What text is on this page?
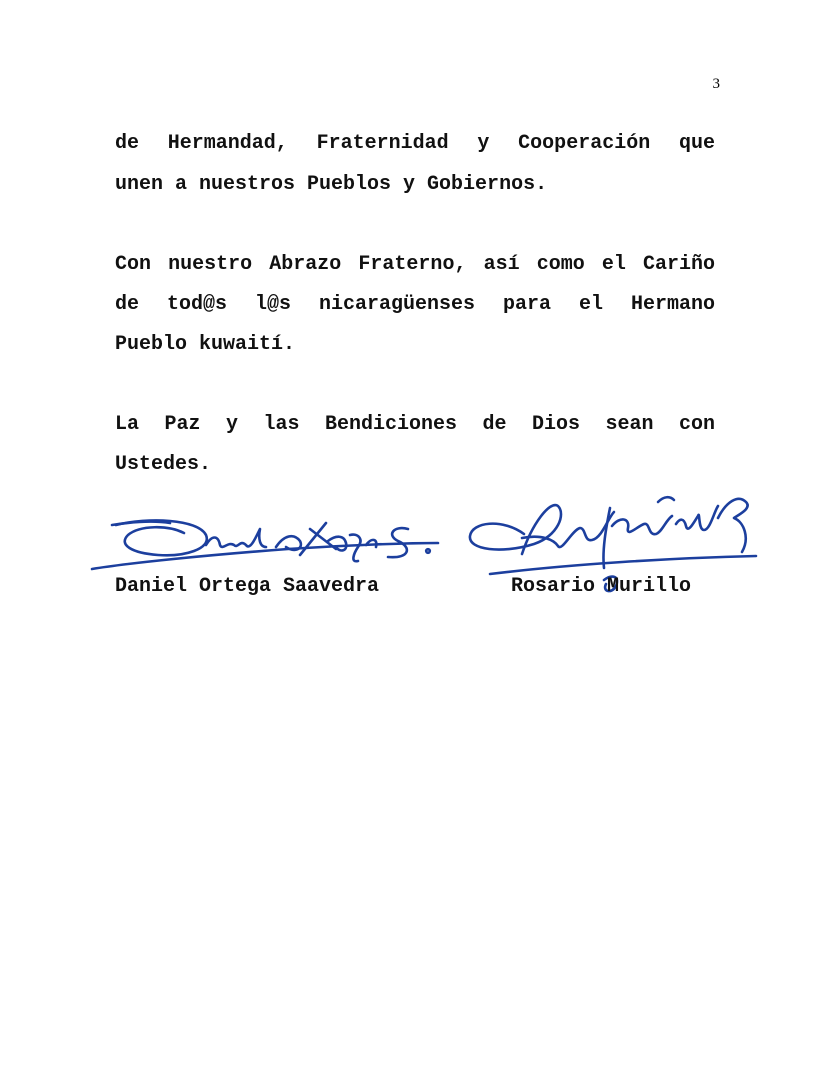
3
de Hermandad, Fraternidad y Cooperación que
unen a nuestros Pueblos y Gobiernos.
Con nuestro Abrazo Fraterno, así como el Cariño
de tod@s l@s nicaragüenses para el Hermano
Pueblo kuwaití.
La Paz y las Bendiciones de Dios sean con
Ustedes.
Daniel Ortega Saavedra	Rosario Murillo
